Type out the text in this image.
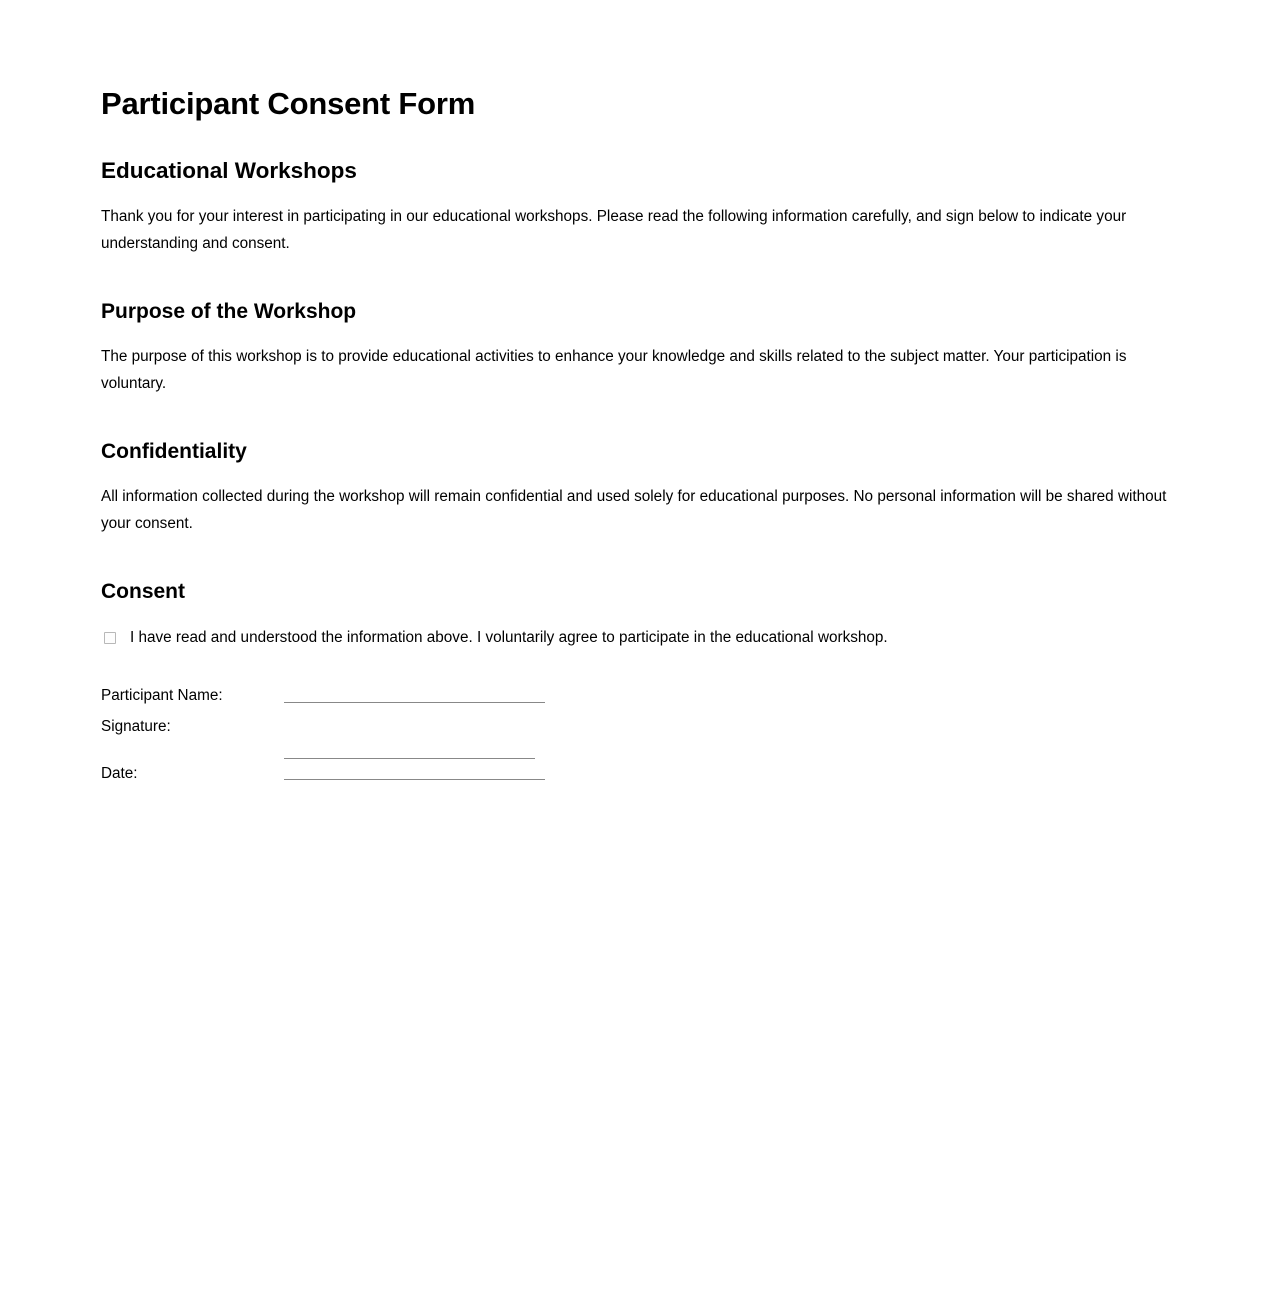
Participant Consent Form
Educational Workshops

Thank you for your interest in participating in our educational workshops. Please read the following information carefully, and sign below to indicate your understanding and consent.

Purpose of the Workshop

The purpose of this workshop is to provide educational activities to enhance your knowledge and skills related to the subject matter. Your participation is voluntary.

Confidentiality

All information collected during the workshop will remain confidential and used solely for educational purposes. No personal information will be shared without your consent.

Consent
I have read and understood the information above. I voluntarily agree to participate in the educational workshop.
Participant Name:
Signature:
Date:
